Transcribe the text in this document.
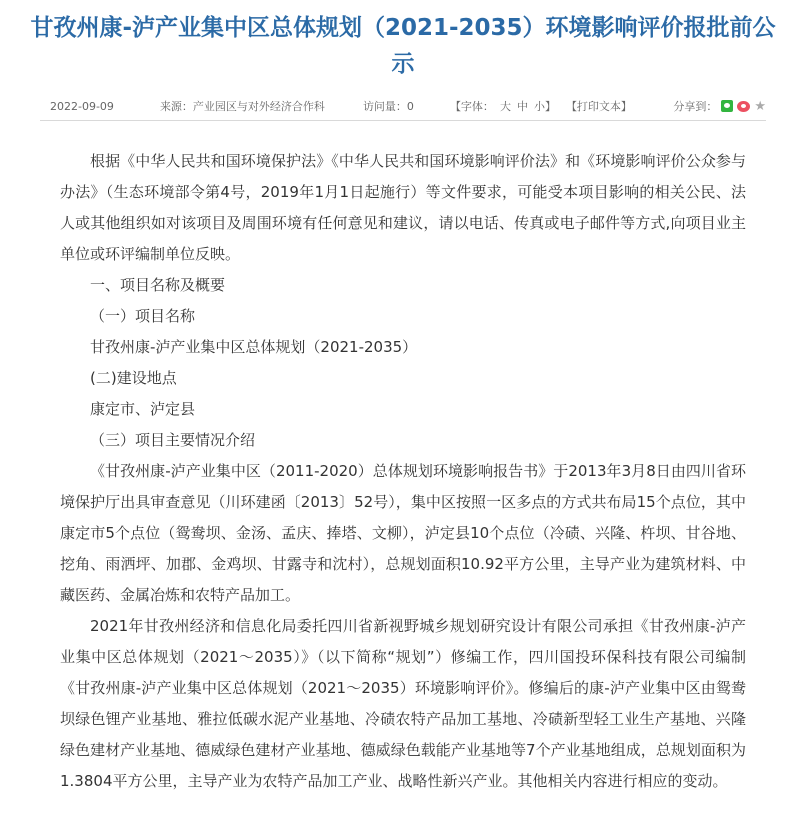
甘孜州康-泸产业集中区总体规划（2021-2035）环境影响评价报批前公示
2022-09-09	来源：产业园区与对外经济合作科	访问量：0	【字体： 大 中 小 】 【打印文本】	分享到：	★

根据《中华人民共和国环境保护法》《中华人民共和国环境影响评价法》和《环境影响评价公众参与办法》（生态环境部令第4号，2019年1月1日起施行）等文件要求，可能受本项目影响的相关公民、法人或其他组织如对该项目及周围环境有任何意见和建议，请以电话、传真或电子邮件等方式,向项目业主单位或环评编制单位反映。

一、项目名称及概要

（一）项目名称

甘孜州康-泸产业集中区总体规划（2021-2035）

(二)建设地点

康定市、泸定县

（三）项目主要情况介绍

《甘孜州康-泸产业集中区（2011-2020）总体规划环境影响报告书》于2013年3月8日由四川省环境保护厅出具审查意见（川环建函〔2013〕52号），集中区按照一区多点的方式共布局15个点位，其中康定市5个点位（鸳鸯坝、金汤、孟庆、捧塔、文柳），泸定县10个点位（冷碛、兴隆、杵坝、甘谷地、挖角、雨洒坪、加郡、金鸡坝、甘露寺和沈村），总规划面积10.92平方公里，主导产业为建筑材料、中藏医药、金属冶炼和农特产品加工。

2021年甘孜州经济和信息化局委托四川省新视野城乡规划研究设计有限公司承担《甘孜州康-泸产业集中区总体规划（2021～2035）》（以下简称“规划”）修编工作，四川国投环保科技有限公司编制《甘孜州康-泸产业集中区总体规划（2021～2035）环境影响评价》。修编后的康-泸产业集中区由鸳鸯坝绿色锂产业基地、雅拉低碳水泥产业基地、冷碛农特产品加工基地、冷碛新型轻工业生产基地、兴隆绿色建材产业基地、德威绿色建材产业基地、德威绿色载能产业基地等7个产业基地组成，总规划面积为1.3804平方公里，主导产业为农特产品加工产业、战略性新兴产业。其他相关内容进行相应的变动。
